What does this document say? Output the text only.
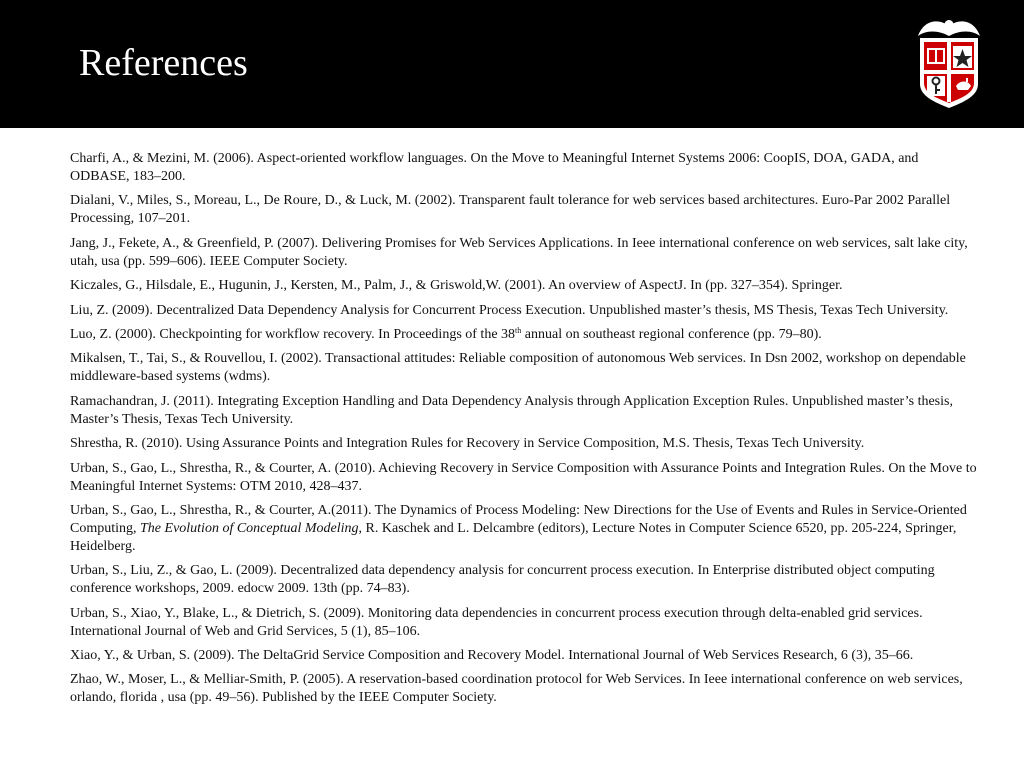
References

Charfi, A., & Mezini, M. (2006). Aspect-oriented workflow languages. On the Move to Meaningful Internet Systems 2006: CoopIS, DOA, GADA, and ODBASE, 183–200.

Dialani, V., Miles, S., Moreau, L., De Roure, D., & Luck, M. (2002). Transparent fault tolerance for web services based architectures. Euro-Par 2002 Parallel Processing, 107–201.

Jang, J., Fekete, A., & Greenfield, P. (2007). Delivering Promises for Web Services Applications. In Ieee international conference on web services, salt lake city, utah, usa (pp. 599–606). IEEE Computer Society.

Kiczales, G., Hilsdale, E., Hugunin, J., Kersten, M., Palm, J., & Griswold,W. (2001). An overview of AspectJ. In (pp. 327–354). Springer.

Liu, Z. (2009). Decentralized Data Dependency Analysis for Concurrent Process Execution. Unpublished master’s thesis, MS Thesis, Texas Tech University.

Luo, Z. (2000). Checkpointing for workflow recovery. In Proceedings of the 38th annual on southeast regional conference (pp. 79–80).

Mikalsen, T., Tai, S., & Rouvellou, I. (2002). Transactional attitudes: Reliable composition of autonomous Web services. In Dsn 2002, workshop on dependable middleware-based systems (wdms).

Ramachandran, J. (2011). Integrating Exception Handling and Data Dependency Analysis through Application Exception Rules. Unpublished master’s thesis, Master’s Thesis, Texas Tech University.

Shrestha, R. (2010). Using Assurance Points and Integration Rules for Recovery in Service Composition, M.S. Thesis, Texas Tech University.

Urban, S., Gao, L., Shrestha, R., & Courter, A. (2010). Achieving Recovery in Service Composition with Assurance Points and Integration Rules. On the Move to Meaningful Internet Systems: OTM 2010, 428–437.

Urban, S., Gao, L., Shrestha, R., & Courter, A.(2011). The Dynamics of Process Modeling: New Directions for the Use of Events and Rules in Service-Oriented Computing, The Evolution of Conceptual Modeling, R. Kaschek and L. Delcambre (editors), Lecture Notes in Computer Science 6520, pp. 205-224, Springer, Heidelberg.

Urban, S., Liu, Z., & Gao, L. (2009). Decentralized data dependency analysis for concurrent process execution. In Enterprise distributed object computing conference workshops, 2009. edocw 2009. 13th (pp. 74–83).

Urban, S., Xiao, Y., Blake, L., & Dietrich, S. (2009). Monitoring data dependencies in concurrent process execution through delta-enabled grid services. International Journal of Web and Grid Services, 5 (1), 85–106.

Xiao, Y., & Urban, S. (2009). The DeltaGrid Service Composition and Recovery Model. International Journal of Web Services Research, 6 (3), 35–66.

Zhao, W., Moser, L., & Melliar-Smith, P. (2005). A reservation-based coordination protocol for Web Services. In Ieee international conference on web services, orlando, florida , usa (pp. 49–56). Published by the IEEE Computer Society.
